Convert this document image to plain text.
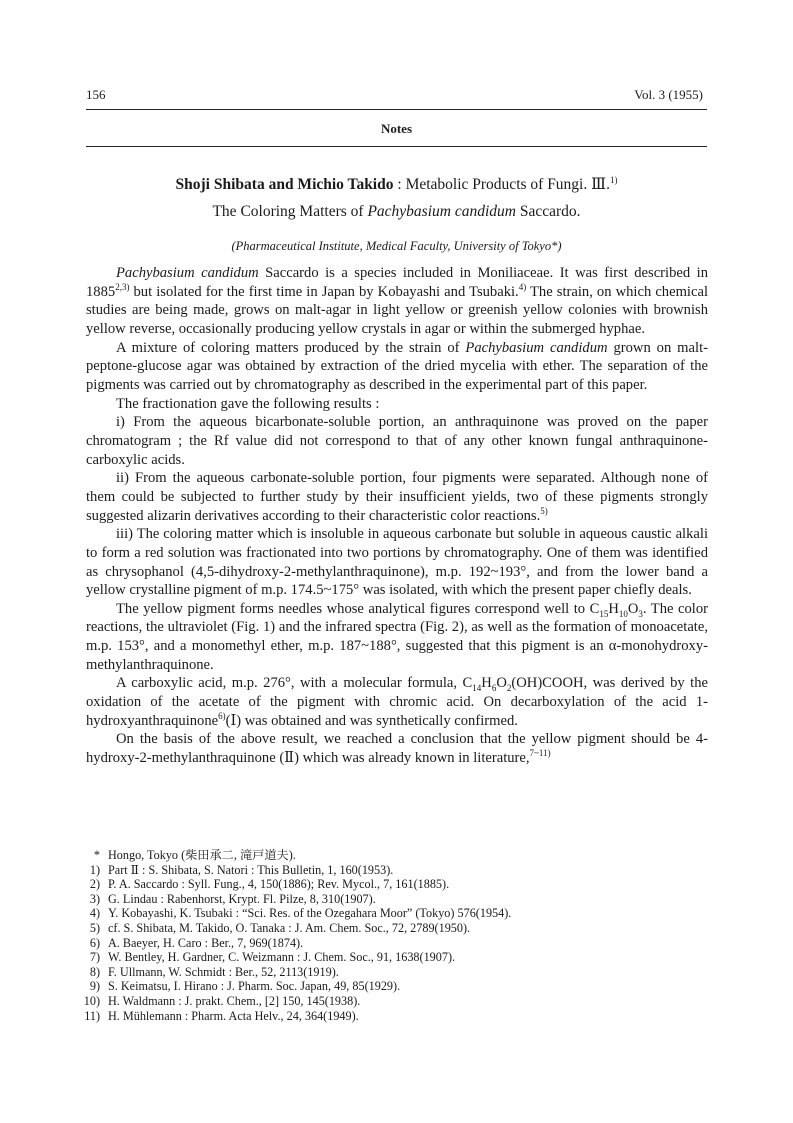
156	Vol. 3 (1955)
Notes
Shoji Shibata and Michio Takido : Metabolic Products of Fungi. Ⅲ.$^{1)}$
The Coloring Matters of Pachybasium candidum Saccardo.
(Pharmaceutical Institute, Medical Faculty, University of Tokyo*)

Pachybasium candidum Saccardo is a species included in Moniliaceae. It was first described in 1885$^{2,3)}$ but isolated for the first time in Japan by Kobayashi and Tsubaki.$^{4)}$ The strain, on which chemical studies are being made, grows on malt-agar in light yellow or greenish yellow colonies with brownish yellow reverse, occasionally producing yellow crystals in agar or within the submerged hyphae.

A mixture of coloring matters produced by the strain of Pachybasium candidum grown on malt-peptone-glucose agar was obtained by extraction of the dried mycelia with ether. The separation of the pigments was carried out by chromatography as described in the experimental part of this paper.

The fractionation gave the following results :

i) From the aqueous bicarbonate-soluble portion, an anthraquinone was proved on the paper chromatogram ; the Rf value did not correspond to that of any other known fungal anthraquinone-carboxylic acids.

ii) From the aqueous carbonate-soluble portion, four pigments were separated. Although none of them could be subjected to further study by their insufficient yields, two of these pigments strongly suggested alizarin derivatives according to their characteristic color reactions.$^{5)}$

iii) The coloring matter which is insoluble in aqueous carbonate but soluble in aqueous caustic alkali to form a red solution was fractionated into two portions by chromatography. One of them was identified as chrysophanol (4,5-dihydroxy-2-methylanthraquinone), m.p. 192~193°, and from the lower band a yellow crystalline pigment of m.p. 174.5~175° was isolated, with which the present paper chiefly deals.

The yellow pigment forms needles whose analytical figures correspond well to $C_{15}H_{10}O_3$. The color reactions, the ultraviolet (Fig. 1) and the infrared spectra (Fig. 2), as well as the formation of monoacetate, m.p. 153°, and a monomethyl ether, m.p. 187~188°, suggested that this pigment is an α-monohydroxy-methylanthraquinone.

A carboxylic acid, m.p. 276°, with a molecular formula, $C_{14}H_6O_2(OH)COOH$, was derived by the oxidation of the acetate of the pigment with chromic acid. On decarboxylation of the acid 1-hydroxyanthraquinone$^{6)}$(Ⅰ) was obtained and was synthetically confirmed.

On the basis of the above result, we reached a conclusion that the yellow pigment should be 4-hydroxy-2-methylanthraquinone (Ⅱ) which was already known in literature,$^{7\sim 11)}$

* Hongo, Tokyo (柴田承二, 滝戸道夫).
1) Part Ⅱ : S. Shibata, S. Natori : This Bulletin, 1, 160(1953).
2) P. A. Saccardo : Syll. Fung., 4, 150(1886); Rev. Mycol., 7, 161(1885).
3) G. Lindau : Rabenhorst, Krypt. Fl. Pilze, 8, 310(1907).
4) Y. Kobayashi, K. Tsubaki : “Sci. Res. of the Ozegahara Moor” (Tokyo) 576(1954).
5) cf. S. Shibata, M. Takido, O. Tanaka : J. Am. Chem. Soc., 72, 2789(1950).
6) A. Baeyer, H. Caro : Ber., 7, 969(1874).
7) W. Bentley, H. Gardner, C. Weizmann : J. Chem. Soc., 91, 1638(1907).
8) F. Ullmann, W. Schmidt : Ber., 52, 2113(1919).
9) S. Keimatsu, I. Hirano : J. Pharm. Soc. Japan, 49, 85(1929).
10) H. Waldmann : J. prakt. Chem., [2] 150, 145(1938).
11) H. Mühlemann : Pharm. Acta Helv., 24, 364(1949).
